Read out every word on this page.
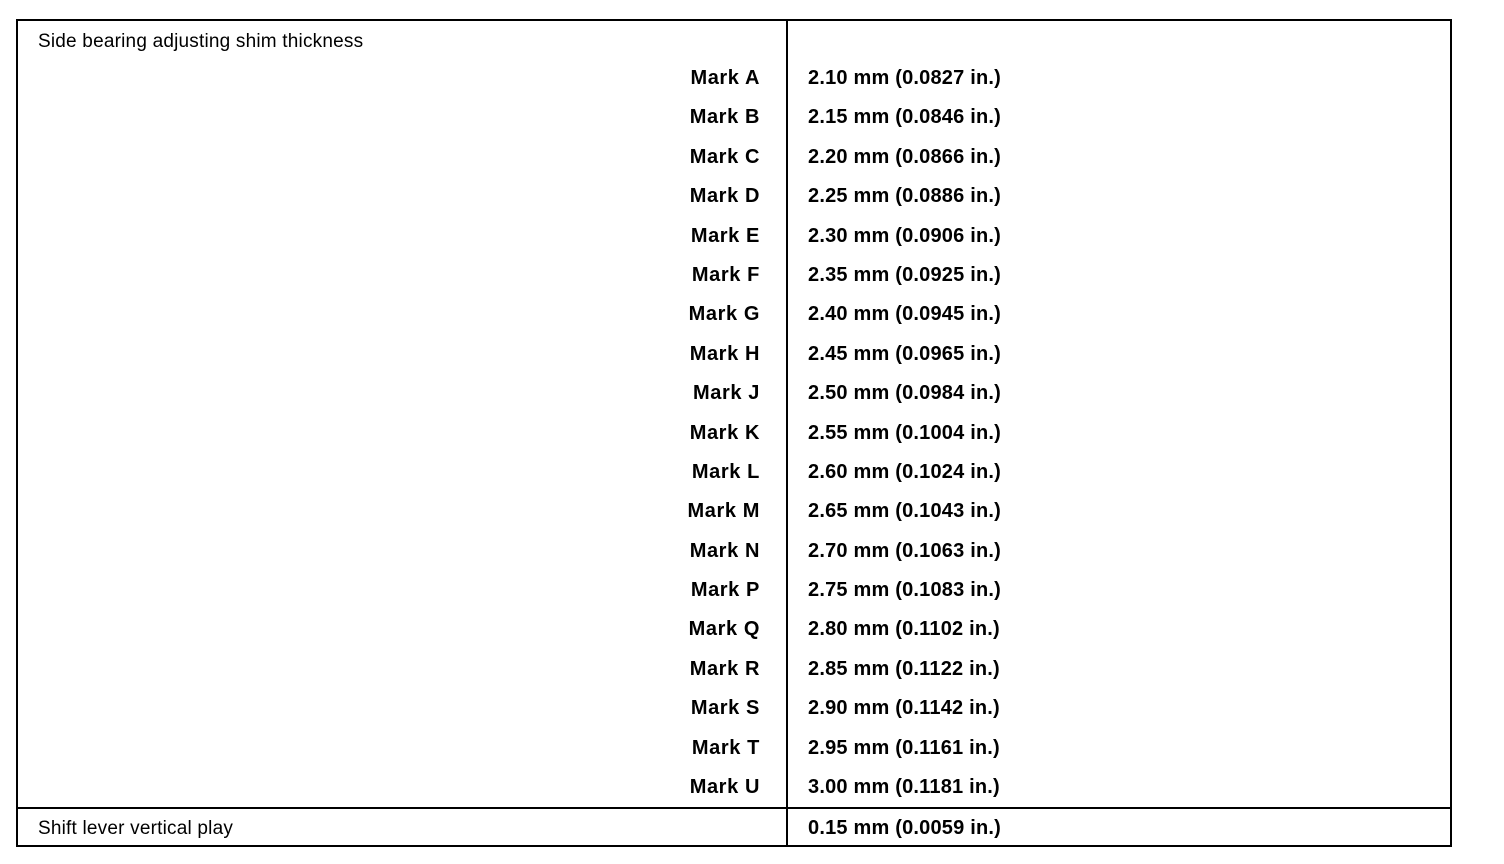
Side bearing adjusting shim thickness
Mark A 2.10 mm (0.0827 in.)
Mark B 2.15 mm (0.0846 in.)
Mark C 2.20 mm (0.0866 in.)
Mark D 2.25 mm (0.0886 in.)
Mark E 2.30 mm (0.0906 in.)
Mark F 2.35 mm (0.0925 in.)
Mark G 2.40 mm (0.0945 in.)
Mark H 2.45 mm (0.0965 in.)
Mark J 2.50 mm (0.0984 in.)
Mark K 2.55 mm (0.1004 in.)
Mark L 2.60 mm (0.1024 in.)
Mark M 2.65 mm (0.1043 in.)
Mark N 2.70 mm (0.1063 in.)
Mark P 2.75 mm (0.1083 in.)
Mark Q 2.80 mm (0.1102 in.)
Mark R 2.85 mm (0.1122 in.)
Mark S 2.90 mm (0.1142 in.)
Mark T 2.95 mm (0.1161 in.)
Mark U 3.00 mm (0.1181 in.)
Shift lever vertical play	0.15 mm (0.0059 in.)
